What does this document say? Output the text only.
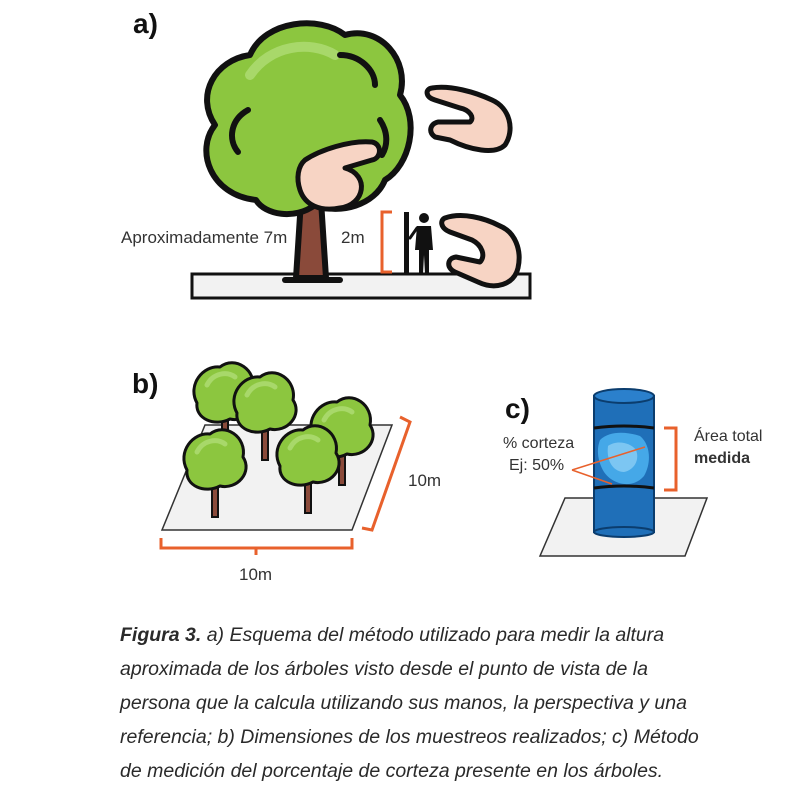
a)
Aproximadamente 7m	2m
b)
10m
10m
c)
% corteza
Ej: 50%
Área total
medida
Figura 3. a) Esquema del método utilizado para medir la altura aproximada de los árboles visto desde el punto de vista de la persona que la calcula utilizando sus manos, la perspectiva y una referencia; b) Dimensiones de los muestreos realizados; c) Método de medición del porcentaje de corteza presente en los árboles.
